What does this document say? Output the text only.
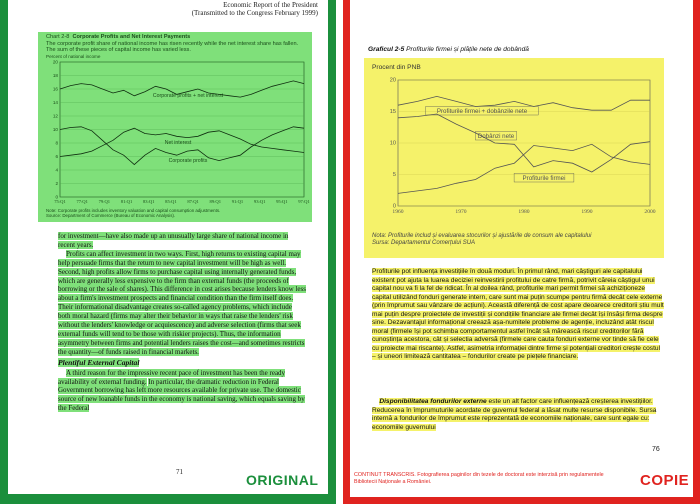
Economic Report of the President
(Transmitted to the Congress February 1999)
Chart 2-8 Corporate Profits and Net Interest Payments
The corporate profit share of national income has risen recently while the net interest share has fallen. The sum of these pieces of capital income has varied less.
Percent of national income
0
2
4
6
8
10
12
14
16
18
20
75:Q1 77:Q1 79:Q1 81:Q1 83:Q1 85:Q1 87:Q1 89:Q1 91:Q1 93:Q1 95:Q1 97:Q1
Corporate profits + net interest
Net interest
Corporate profits
Note: Corporate profits includes inventory valuation and capital consumption adjustments.
Source: Department of Commerce (Bureau of Economic Analysis).
for investment—have also made up an unusually large share of national income in recent years.
Profits can affect investment in two ways. First, high returns to existing capital may help persuade firms that the return to new capital investment will be high as well. Second, high profits allow firms to purchase capital using internally generated funds, which are generally less expensive to the firm than external funds (the proceeds of borrowing or the sale of shares). This difference in cost arises because lenders know less about a firm's investment prospects and financial condition than the firm itself does. Their informational disadvantage creates so-called agency problems, which include both moral hazard (firms may alter their behavior in ways that raise the lenders' risk without the lenders' knowledge or acquiescence) and adverse selection (firms that seek external funds will tend to be those with riskier projects). Thus, the information asymmetry between firms and potential lenders raises the cost—and sometimes restricts the quantity—of funds raised in financial markets.
Plentiful External Capital
A third reason for the impressive recent pace of investment has been the ready availability of external funding. In particular, the dramatic reduction in Federal Government borrowing has left more resources available for private use. The domestic source of new loanable funds in the economy is national saving, which equals saving by the Federal
71	ORIGINAL
Graficul 2-5 Profiturile firmei și plățile nete de dobândă
Procent din PNB
0
5
10
15
20
1960	1970	1980	1990	2000
Profiturile firmei + dobânzile nete
Dobânzi nete
Profiturile firmei
Nota: Profiturile includ și evaluarea stocurilor și ajustările de consum ale capitalului
Sursa: Departamentul Comerțului SUA
Profiturile pot influența investițiile în două moduri. În primul rând, mari câștiguri ale capitalului existent pot ajuta la luarea deciziei reinvestirii profitului de catre firmă, potrivit căreia câștigul unui capital nou va fi la fel de ridicat. În al doilea rând, profiturile mari permit firmei să achiziționeze capital utilizând fonduri generate intern, care sunt mai puțin scumpe pentru firmă decât cele externe (prin împrumut sau vânzare de acțiuni). Această diferență de cost apare deoarece creditorii știu mult mai puțin despre proiectele de investiții și condițiile financiare ale firmei decât își însăși firma despre sine. Dezavantajul informațional creează așa-numitele probleme de agenție, incluzând atât riscul moral (firmele își pot schimba comportamentul astfel încât să mărească riscul creditorilor fără cunoștința acestora, cât și selectia adversă (firmele care cauta fonduri externe vor tinde să fie cele cu proiecte mai riscante). Astfel, asimetria informației dintre firme și potențiali creditori crește costul – și uneori limitează cantitatea – fondurilor create pe piețele financiare.
Disponibilitatea fondurilor externe este un alt factor care influențează creșterea investițiilor. Reducerea în împrumuturile acordate de guvernul federal a lăsat multe resurse disponibile. Sursa internă a fondurilor de împrumut este reprezentată de economiile naționale, care sunt egale cu: economiile guvernului
76
CONTINUT TRANSCRIS. Fotografierea paginilor din tezele de doctorat este interzisă prin regulamentele Bibliotecii Naționale a României.	COPIE
